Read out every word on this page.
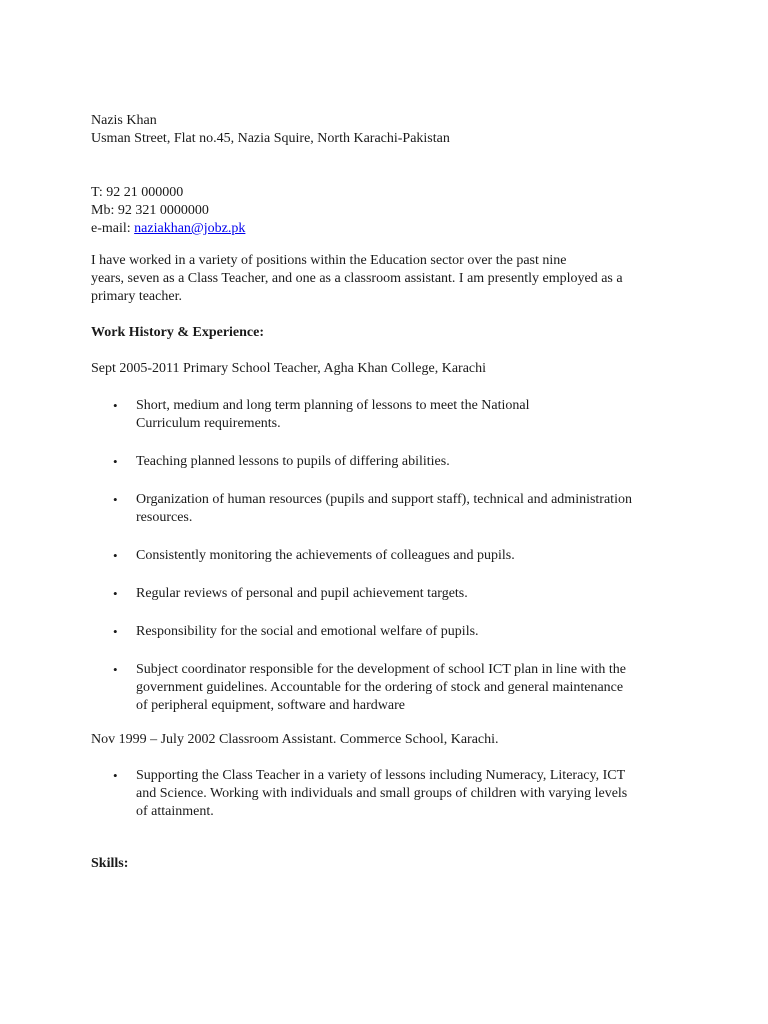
Nazis Khan
Usman Street, Flat no.45, Nazia Squire, North Karachi-Pakistan
T: 92 21 000000
Mb: 92 321 0000000
e-mail: naziakhan@jobz.pk
I have worked in a variety of positions within the Education sector over the past nine
years, seven as a Class Teacher, and one as a classroom assistant. I am presently employed as a
primary teacher.
Work History & Experience:
Sept 2005-2011 Primary School Teacher, Agha Khan College, Karachi
• Short, medium and long term planning of lessons to meet the National
Curriculum requirements.
• Teaching planned lessons to pupils of differing abilities.
• Organization of human resources (pupils and support staff), technical and administration
resources.
• Consistently monitoring the achievements of colleagues and pupils.
• Regular reviews of personal and pupil achievement targets.
• Responsibility for the social and emotional welfare of pupils.
• Subject coordinator responsible for the development of school ICT plan in line with the
government guidelines. Accountable for the ordering of stock and general maintenance
of peripheral equipment, software and hardware
Nov 1999 – July 2002 Classroom Assistant. Commerce School, Karachi.
• Supporting the Class Teacher in a variety of lessons including Numeracy, Literacy, ICT
and Science. Working with individuals and small groups of children with varying levels
of attainment.
Skills:
